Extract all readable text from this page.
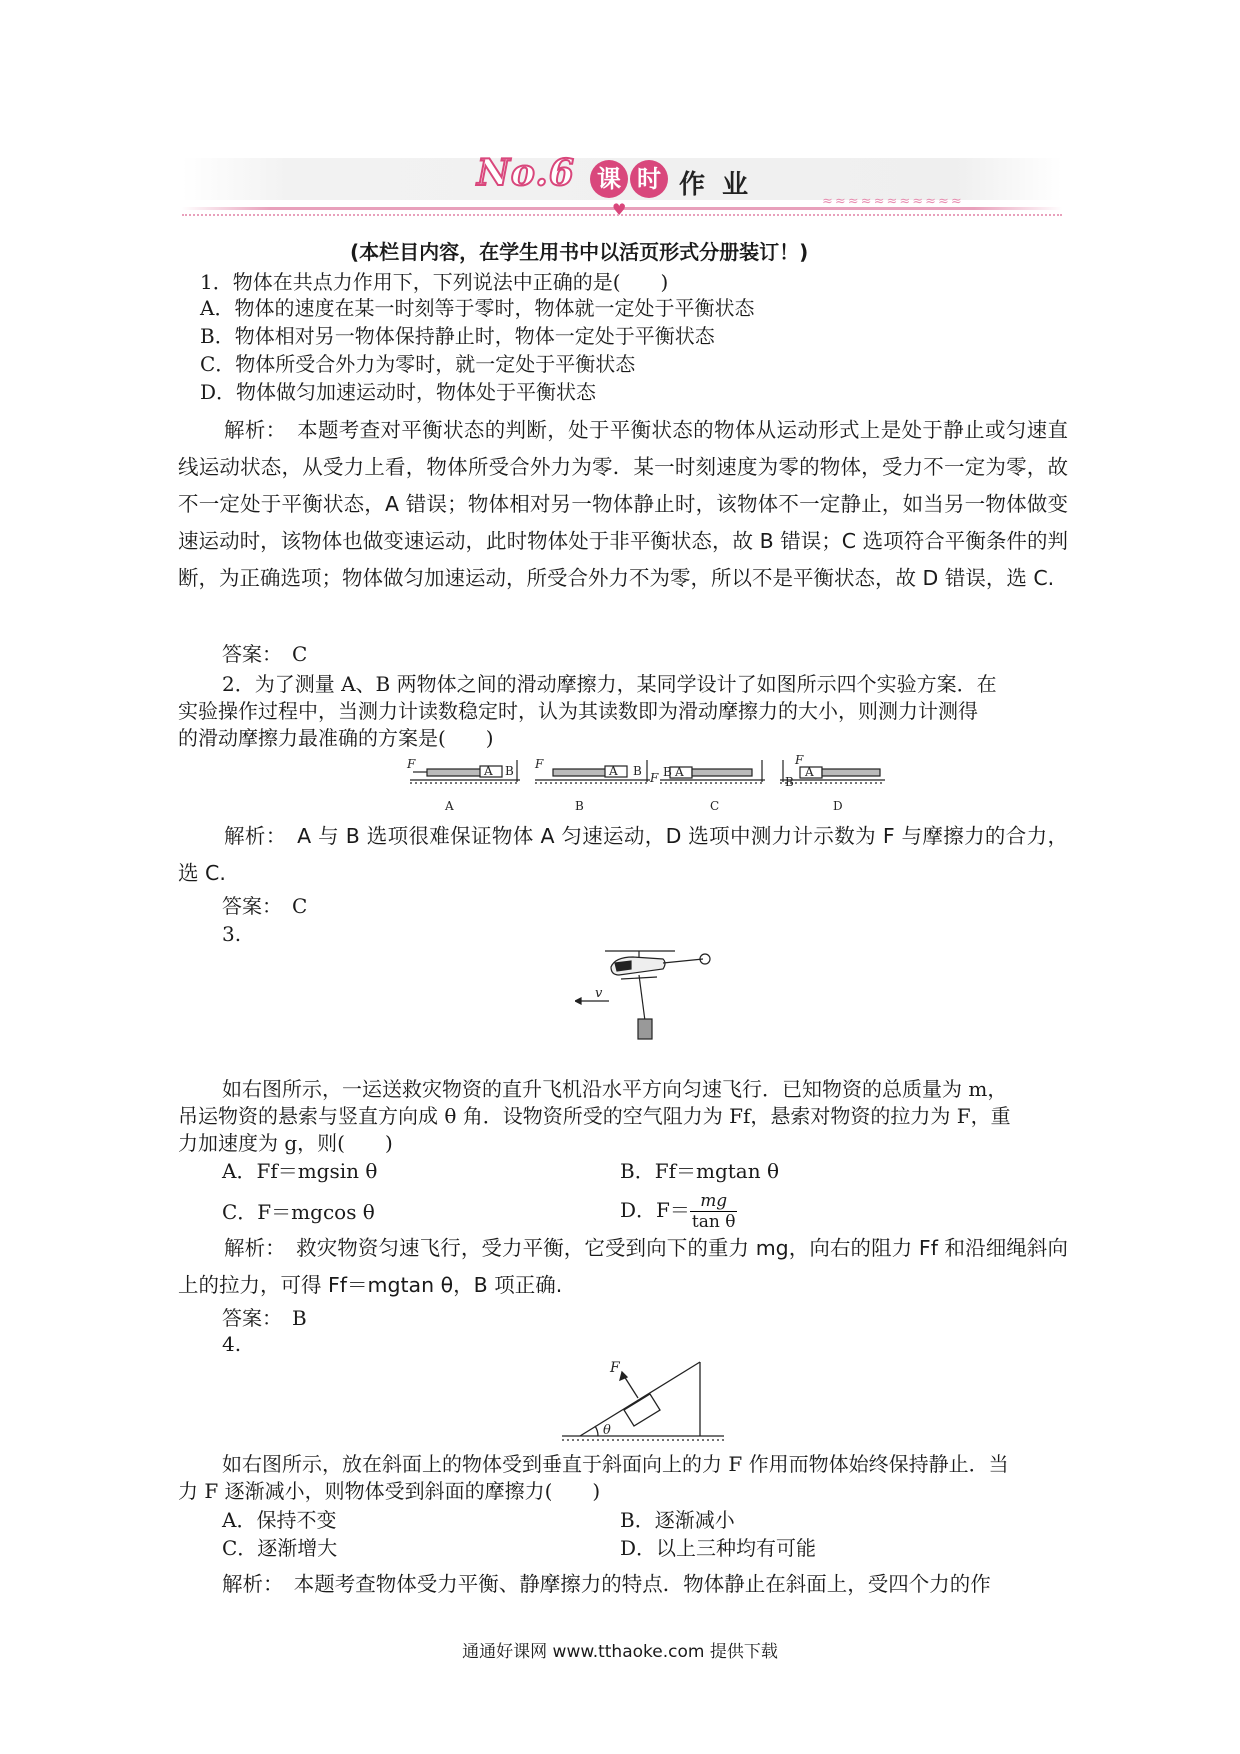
No.6 课 时 作 业
♥	≈≈≈≈≈≈≈≈≈≈≈
(本栏目内容，在学生用书中以活页形式分册装订！)
1．物体在共点力作用下，下列说法中正确的是(　　)
A．物体的速度在某一时刻等于零时，物体就一定处于平衡状态
B．物体相对另一物体保持静止时，物体一定处于平衡状态
C．物体所受合外力为零时，就一定处于平衡状态
D．物体做匀加速运动时，物体处于平衡状态
解析：　本题考查对平衡状态的判断，处于平衡状态的物体从运动形式上是处于静止或匀速直线运动状态，从受力上看，物体所受合外力为零．某一时刻速度为零的物体，受力不一定为零，故不一定处于平衡状态，A 错误；物体相对另一物体静止时，该物体不一定静止，如当另一物体做变速运动时，该物体也做变速运动，此时物体处于非平衡状态，故 B 错误；C 选项符合平衡条件的判断，为正确选项；物体做匀加速运动，所受合外力不为零，所以不是平衡状态，故 D 错误，选 C.
答案：　C
2．为了测量 A、B 两物体之间的滑动摩擦力，某同学设计了如图所示四个实验方案．在
实验操作过程中，当测力计读数稳定时，认为其读数即为滑动摩擦力的大小，则测力计测得
的滑动摩擦力最准确的方案是(　　)
F	A B F	A B F A
B
F
A
B
A	B	C	D
解析：　A 与 B 选项很难保证物体 A 匀速运动，D 选项中测力计示数为 F 与摩擦力的合力，选 C.
答案：　C
3.
v
如右图所示，一运送救灾物资的直升飞机沿水平方向匀速飞行．已知物资的总质量为 m，
吊运物资的悬索与竖直方向成 θ 角．设物资所受的空气阻力为 Ff，悬索对物资的拉力为 F，重
力加速度为 g，则(　　)
A．Ff＝mgsin θ	B．Ff＝mgtan θ
C．F＝mgcos θ	D．$F= \frac{mg}{\text{tan θ}}$
解析：　救灾物资匀速飞行，受力平衡，它受到向下的重力 mg，向右的阻力 Ff 和沿细绳斜向上的拉力，可得 Ff＝mgtan θ，B 项正确.
答案：　B
4.
F
θ
如右图所示，放在斜面上的物体受到垂直于斜面向上的力 F 作用而物体始终保持静止．当
力 F 逐渐减小，则物体受到斜面的摩擦力(　　)
A．保持不变	B．逐渐减小
C．逐渐增大	D．以上三种均有可能
解析：　本题考查物体受力平衡、静摩擦力的特点．物体静止在斜面上，受四个力的作
通通好课网 www.tthaoke.com 提供下载
